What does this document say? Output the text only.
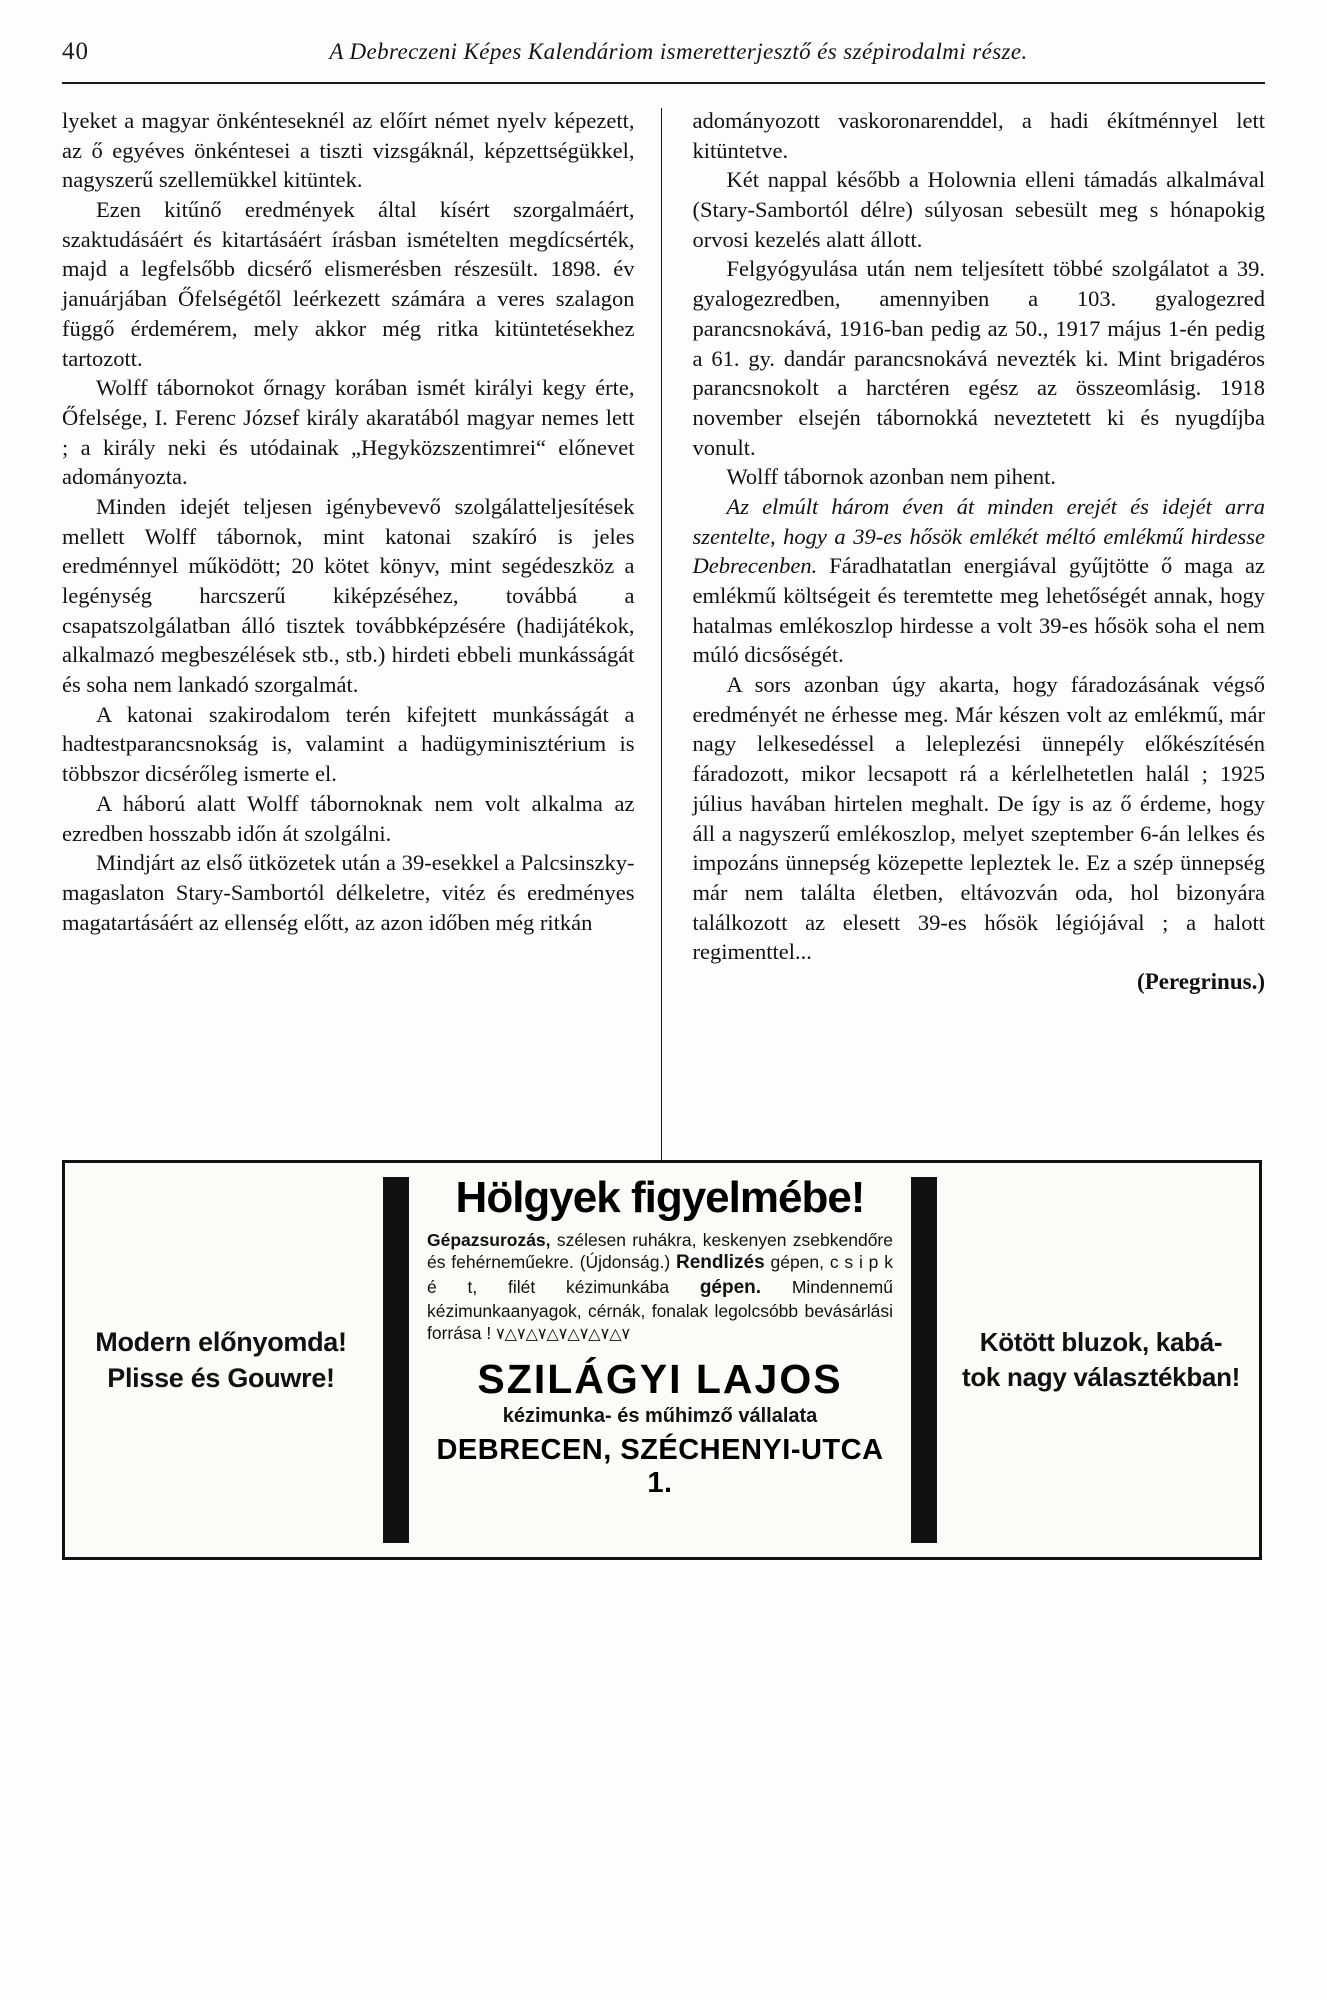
40	A Debreczeni Képes Kalendáriom ismeretterjesztő és szépirodalmi része.

lyeket a magyar önkénteseknél az előírt német nyelv képezett, az ő egyéves önkéntesei a tiszti vizsgáknál, képzettségükkel, nagyszerű szellemükkel kitüntek.

Ezen kitűnő eredmények által kísért szorgalmáért, szaktudásáért és kitartásáért írásban ismételten megdícsérték, majd a legfelsőbb dicsérő elismerésben részesült. 1898. év januárjában Őfelségétől leérkezett számára a veres szalagon függő érdemérem, mely akkor még ritka kitüntetésekhez tartozott.

Wolff tábornokot őrnagy korában ismét királyi kegy érte, Őfelsége, I. Ferenc József király akaratából magyar nemes lett ; a király neki és utódainak „Hegyközszentimrei“ előnevet adományozta.

Minden idejét teljesen igénybevevő szolgálatteljesítések mellett Wolff tábornok, mint katonai szakíró is jeles eredménnyel működött; 20 kötet könyv, mint segédeszköz a legénység harcszerű kiképzéséhez, továbbá a csapatszolgálatban álló tisztek továbbképzésére (hadijátékok, alkalmazó megbeszélések stb., stb.) hirdeti ebbeli munkásságát és soha nem lankadó szorgalmát.

A katonai szakirodalom terén kifejtett munkásságát a hadtestparancsnokság is, valamint a hadügyminisztérium is többszor dicsérőleg ismerte el.

A háború alatt Wolff tábornoknak nem volt alkalma az ezredben hosszabb időn át szolgálni.

Mindjárt az első ütközetek után a 39-esekkel a Palcsinszky-magaslaton Stary-Sambortól délkeletre, vitéz és eredményes magatartásáért az ellenség előtt, az azon időben még ritkán

adományozott vaskoronarenddel, a hadi ékítménnyel lett kitüntetve.

Két nappal később a Holownia elleni támadás alkalmával (Stary-Sambortól délre) súlyosan sebesült meg s hónapokig orvosi kezelés alatt állott.

Felgyógyulása után nem teljesített többé szolgálatot a 39. gyalogezredben, amennyiben a 103. gyalogezred parancsnokává, 1916-ban pedig az 50., 1917 május 1-én pedig a 61. gy. dandár parancsnokává nevezték ki. Mint brigadéros parancsnokolt a harctéren egész az összeomlásig. 1918 november elsején tábornokká neveztetett ki és nyugdíjba vonult.

Wolff tábornok azonban nem pihent.

Az elmúlt három éven át minden erejét és idejét arra szentelte, hogy a 39-es hősök emlékét méltó emlékmű hirdesse Debrecenben. Fáradhatatlan energiával gyűjtötte ő maga az emlékmű költségeit és teremtette meg lehetőségét annak, hogy hatalmas emlékoszlop hirdesse a volt 39-es hősök soha el nem múló dicsőségét.

A sors azonban úgy akarta, hogy fáradozásának végső eredményét ne érhesse meg. Már készen volt az emlékmű, már nagy lelkesedéssel a leleplezési ünnepély előkészítésén fáradozott, mikor lecsapott rá a kérlelhetetlen halál ; 1925 július havában hirtelen meghalt. De így is az ő érdeme, hogy áll a nagyszerű emlékoszlop, melyet szeptember 6-án lelkes és impozáns ünnepség közepette lepleztek le. Ez a szép ünnepség már nem találta életben, eltávozván oda, hol bizonyára találkozott az elesett 39-es hősök légiójával ; a halott regimenttel...

(Peregrinus.)

Modern előnyomda!
Plisse és Gouwre!
Hölgyek figyelmébe!
Gépazsurozás, szélesen ruhákra, keskenyen zsebkendőre és fehérneműekre. (Újdonság.) Rendlizés gépen, c s i p k é t, filét kézimunkába gépen. Mindennemű kézimunkaanyagok, cérnák, fonalak legolcsóbb bevásárlási forrása ! ٧△٧△٧△٧△٧△٧△٧
SZILÁGYI LAJOS
kézimunka- és műhimző vállalata
DEBRECEN, SZÉCHENYI-UTCA 1.
Kötött bluzok, kabá-
tok nagy választékban!
